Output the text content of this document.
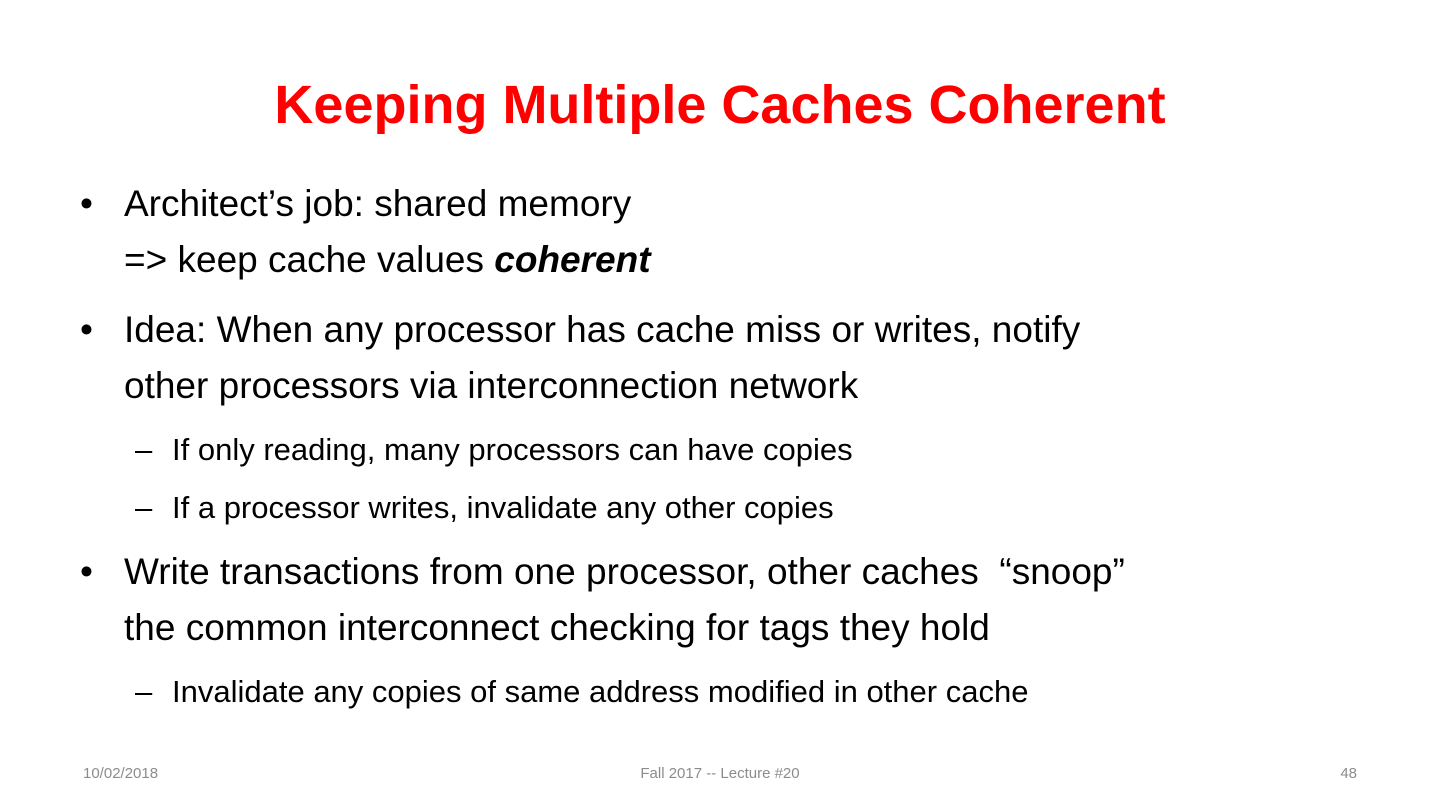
Keeping Multiple Caches Coherent
• Architect’s job: shared memory
=> keep cache values coherent
• Idea: When any processor has cache miss or writes, notify
other processors via interconnection network
– If only reading, many processors can have copies
– If a processor writes, invalidate any other copies
• Write transactions from one processor, other caches  “snoop”
the common interconnect checking for tags they hold
– Invalidate any copies of same address modified in other cache
10/02/2018	Fall 2017 -- Lecture #20	48
